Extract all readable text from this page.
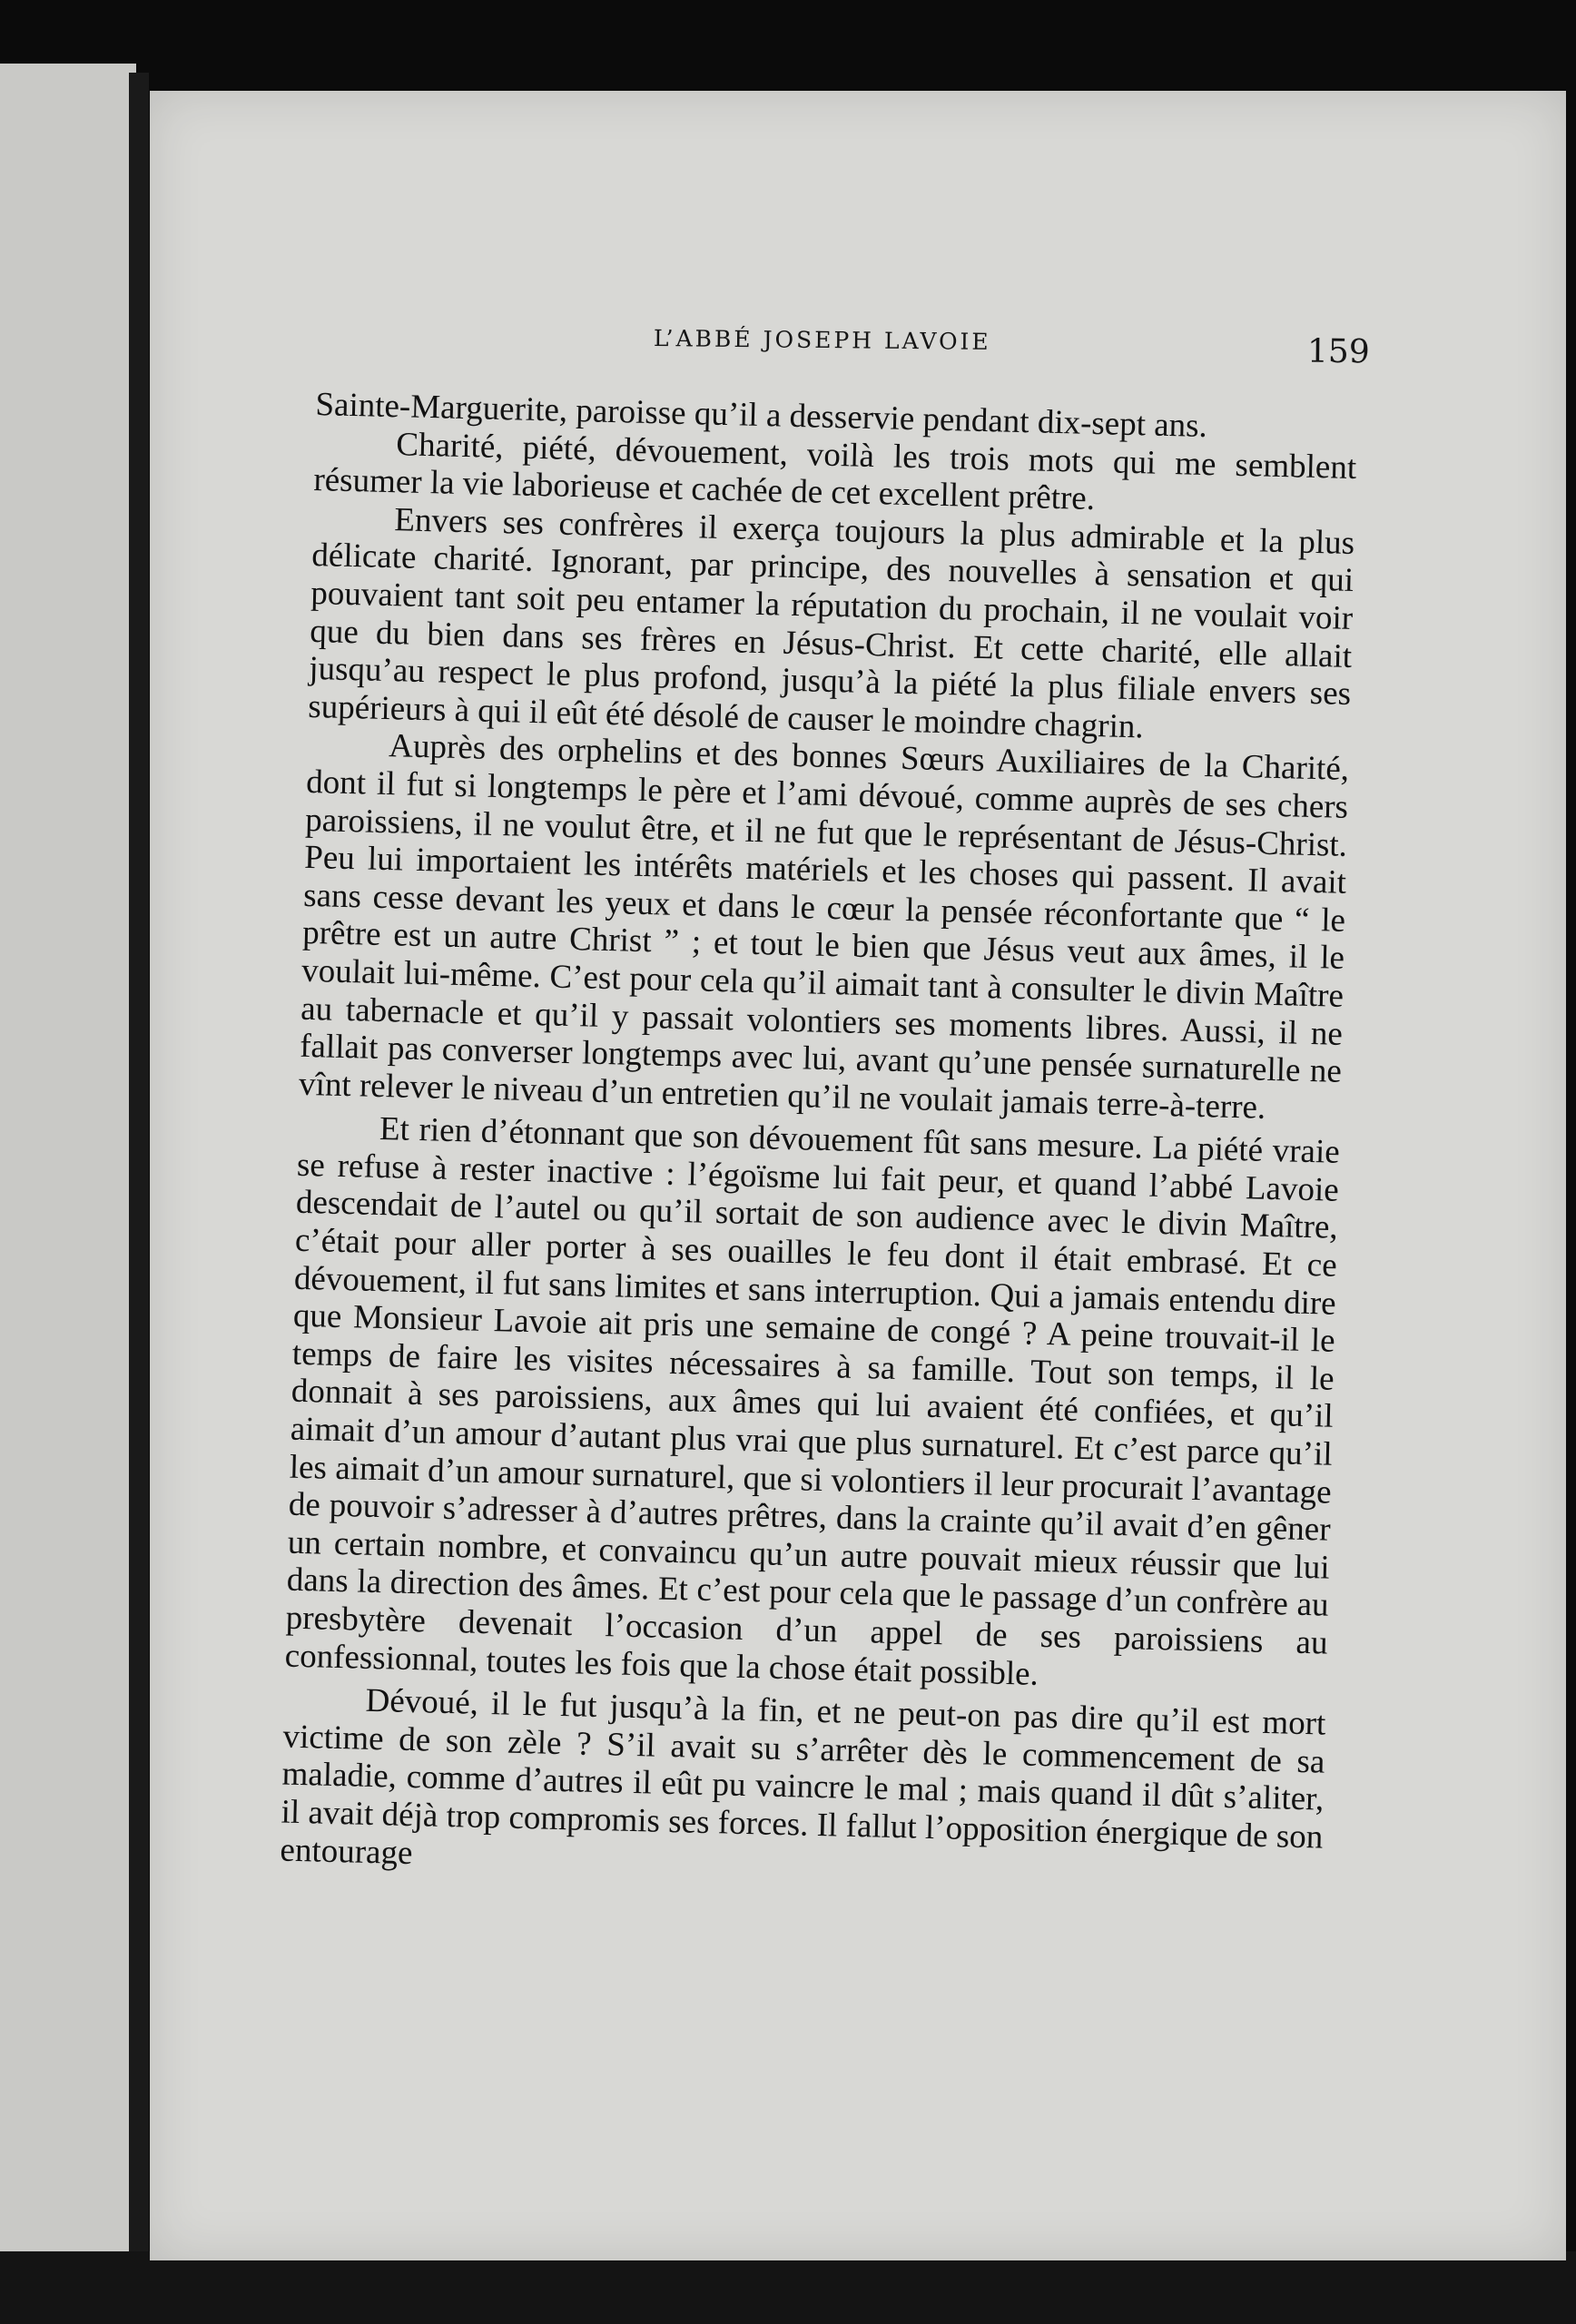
L’ABBÉ JOSEPH LAVOIE	159

Sainte-Marguerite, paroisse qu’il a desservie pendant dix-sept ans.

Charité, piété, dévouement, voilà les trois mots qui me semblent résumer la vie laborieuse et cachée de cet excellent prêtre.

Envers ses confrères il exerça toujours la plus admirable et la plus délicate charité. Ignorant, par principe, des nouvelles à sensation et qui pouvaient tant soit peu entamer la réputation du prochain, il ne voulait voir que du bien dans ses frères en Jésus-Christ. Et cette charité, elle allait jusqu’au respect le plus profond, jusqu’à la piété la plus filiale envers ses supérieurs à qui il eût été désolé de causer le moindre chagrin.

Auprès des orphelins et des bonnes Sœurs Auxiliaires de la Charité, dont il fut si longtemps le père et l’ami dévoué, comme auprès de ses chers paroissiens, il ne voulut être, et il ne fut que le représentant de Jésus-Christ. Peu lui importaient les intérêts matériels et les choses qui passent. Il avait sans cesse devant les yeux et dans le cœur la pensée réconfortante que “ le prêtre est un autre Christ ” ; et tout le bien que Jésus veut aux âmes, il le voulait lui-même. C’est pour cela qu’il aimait tant à consulter le divin Maître au tabernacle et qu’il y passait volontiers ses moments libres. Aussi, il ne fallait pas converser longtemps avec lui, avant qu’une pensée surnaturelle ne vînt relever le niveau d’un entretien qu’il ne voulait jamais terre-à-terre.

Et rien d’étonnant que son dévouement fût sans mesure. La piété vraie se refuse à rester inactive : l’égoïsme lui fait peur, et quand l’abbé Lavoie descendait de l’autel ou qu’il sortait de son audience avec le divin Maître, c’était pour aller porter à ses ouailles le feu dont il était embrasé. Et ce dévouement, il fut sans limites et sans interruption. Qui a jamais entendu dire que Monsieur Lavoie ait pris une semaine de congé ? A peine trouvait-il le temps de faire les visites nécessaires à sa famille. Tout son temps, il le donnait à ses paroissiens, aux âmes qui lui avaient été confiées, et qu’il aimait d’un amour d’autant plus vrai que plus surnaturel. Et c’est parce qu’il les aimait d’un amour surnaturel, que si volontiers il leur procurait l’avantage de pouvoir s’adresser à d’autres prêtres, dans la crainte qu’il avait d’en gêner un certain nombre, et convaincu qu’un autre pouvait mieux réussir que lui dans la direction des âmes. Et c’est pour cela que le passage d’un confrère au presbytère devenait l’occasion d’un appel de ses paroissiens au confessionnal, toutes les fois que la chose était possible.

Dévoué, il le fut jusqu’à la fin, et ne peut-on pas dire qu’il est mort victime de son zèle ? S’il avait su s’arrêter dès le commencement de sa maladie, comme d’autres il eût pu vaincre le mal ; mais quand il dût s’aliter, il avait déjà trop compromis ses forces. Il fallut l’opposition énergique de son entourage
